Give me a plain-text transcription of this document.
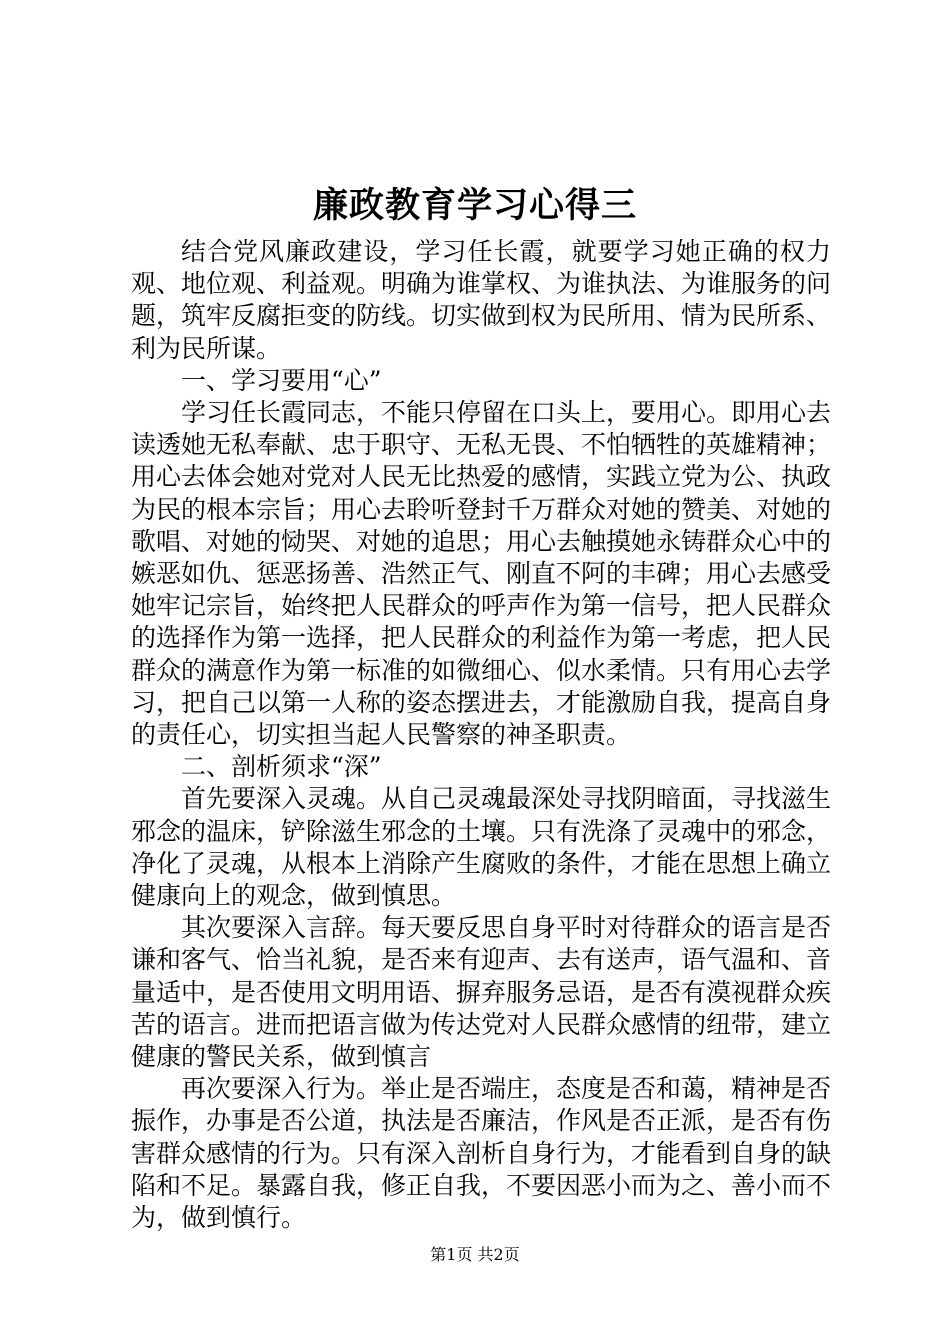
廉政教育学习心得三

结合党风廉政建设，学习任长霞，就要学习她正确的权力观、地位观、利益观。明确为谁掌权、为谁执法、为谁服务的问题，筑牢反腐拒变的防线。切实做到权为民所用、情为民所系、利为民所谋。

一、学习要用“心”

学习任长霞同志，不能只停留在口头上，要用心。即用心去读透她无私奉献、忠于职守、无私无畏、不怕牺牲的英雄精神；用心去体会她对党对人民无比热爱的感情，实践立党为公、执政为民的根本宗旨；用心去聆听登封千万群众对她的赞美、对她的歌唱、对她的恸哭、对她的追思；用心去触摸她永铸群众心中的嫉恶如仇、惩恶扬善、浩然正气、刚直不阿的丰碑；用心去感受她牢记宗旨，始终把人民群众的呼声作为第一信号，把人民群众的选择作为第一选择，把人民群众的利益作为第一考虑，把人民群众的满意作为第一标准的如微细心、似水柔情。只有用心去学习，把自己以第一人称的姿态摆进去，才能激励自我，提高自身的责任心，切实担当起人民警察的神圣职责。

二、剖析须求“深”

首先要深入灵魂。从自己灵魂最深处寻找阴暗面，寻找滋生邪念的温床，铲除滋生邪念的土壤。只有洗涤了灵魂中的邪念，净化了灵魂，从根本上消除产生腐败的条件，才能在思想上确立健康向上的观念，做到慎思。

其次要深入言辞。每天要反思自身平时对待群众的语言是否谦和客气、恰当礼貌，是否来有迎声、去有送声，语气温和、音量适中，是否使用文明用语、摒弃服务忌语，是否有漠视群众疾苦的语言。进而把语言做为传达党对人民群众感情的纽带，建立健康的警民关系，做到慎言

再次要深入行为。举止是否端庄，态度是否和蔼，精神是否振作，办事是否公道，执法是否廉洁，作风是否正派，是否有伤害群众感情的行为。只有深入剖析自身行为，才能看到自身的缺陷和不足。暴露自我，修正自我，不要因恶小而为之、善小而不为，做到慎行。

第1页 共2页
